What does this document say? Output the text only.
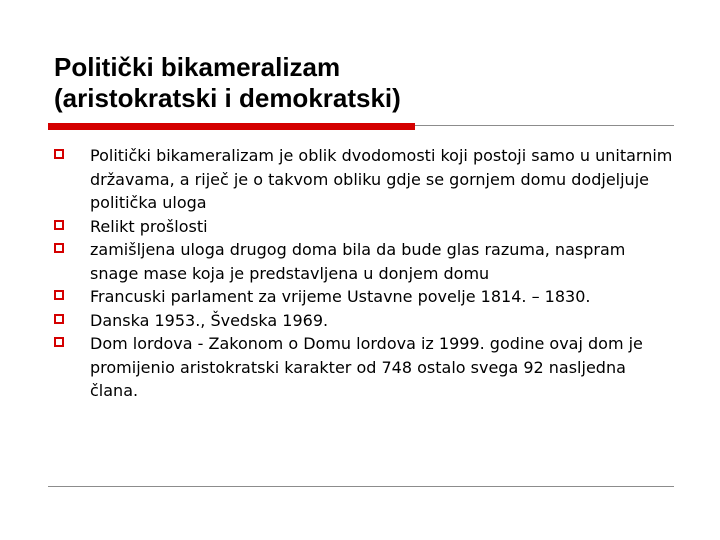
Politički bikameralizam
(aristokratski i demokratski)
Politički bikameralizam je oblik dvodomosti koji postoji samo u unitarnim državama, a riječ je o takvom obliku gdje se gornjem domu dodjeljuje politička uloga
Relikt prošlosti
zamišljena uloga drugog doma bila da bude glas razuma, naspram snage mase koja je predstavljena u donjem domu
Francuski parlament za vrijeme Ustavne povelje 1814. – 1830.
Danska 1953., Švedska 1969.
Dom lordova - Zakonom o Domu lordova iz 1999. godine ovaj dom je promijenio aristokratski karakter od 748 ostalo svega 92 nasljedna člana.
